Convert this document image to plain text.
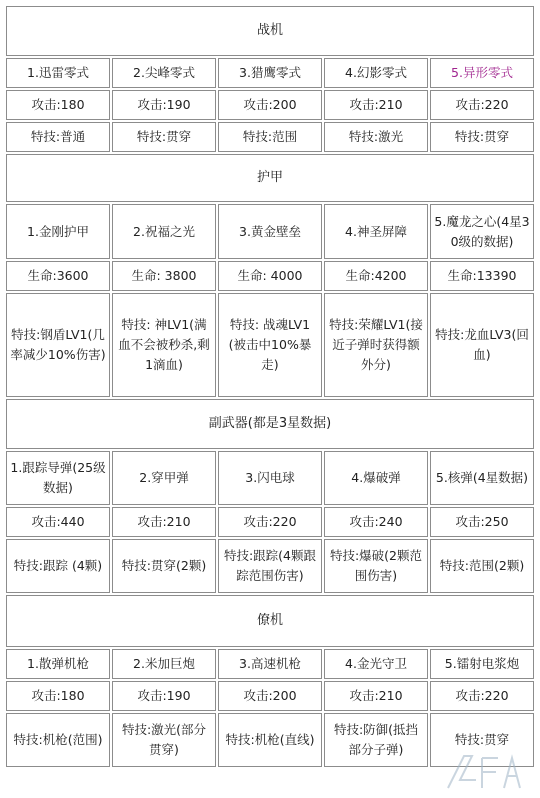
战机				
1.迅雷零式	2.尖峰零式	3.猎鹰零式	4.幻影零式	5.异形零式
攻击:180	攻击:190	攻击:200	攻击:210	攻击:220
特技:普通	特技:贯穿	特技:范围	特技:激光	特技:贯穿
护甲				
1.金刚护甲	2.祝福之光	3.黄金壁垒	4.神圣屏障	5.魔龙之心(4星30级的数据)
生命:3600	生命: 3800	生命: 4000	生命:4200	生命:13390
特技:钢盾LV1(几率减少10%伤害)	特技: 神LV1(满血不会被秒杀,剩1滴血)	特技: 战魂LV1(被击中10%暴走)	特技:荣耀LV1(接近子弹时获得额外分)	特技:龙血LV3(回血)
副武器(都是3星数据)				
1.跟踪导弹(25级数据)	2.穿甲弹	3.闪电球	4.爆破弹	5.核弹(4星数据)
攻击:440	攻击:210	攻击:220	攻击:240	攻击:250
特技:跟踪 (4颗)	特技:贯穿(2颗)	特技:跟踪(4颗跟踪范围伤害)	特技:爆破(2颗范围伤害)	特技:范围(2颗)
僚机				
1.散弹机枪	2.米加巨炮	3.高速机枪	4.金光守卫	5.镭射电浆炮
攻击:180	攻击:190	攻击:200	攻击:210	攻击:220
特技:机枪(范围)	特技:激光(部分贯穿)	特技:机枪(直线)	特技:防御(抵挡部分子弹)	特技:贯穿
